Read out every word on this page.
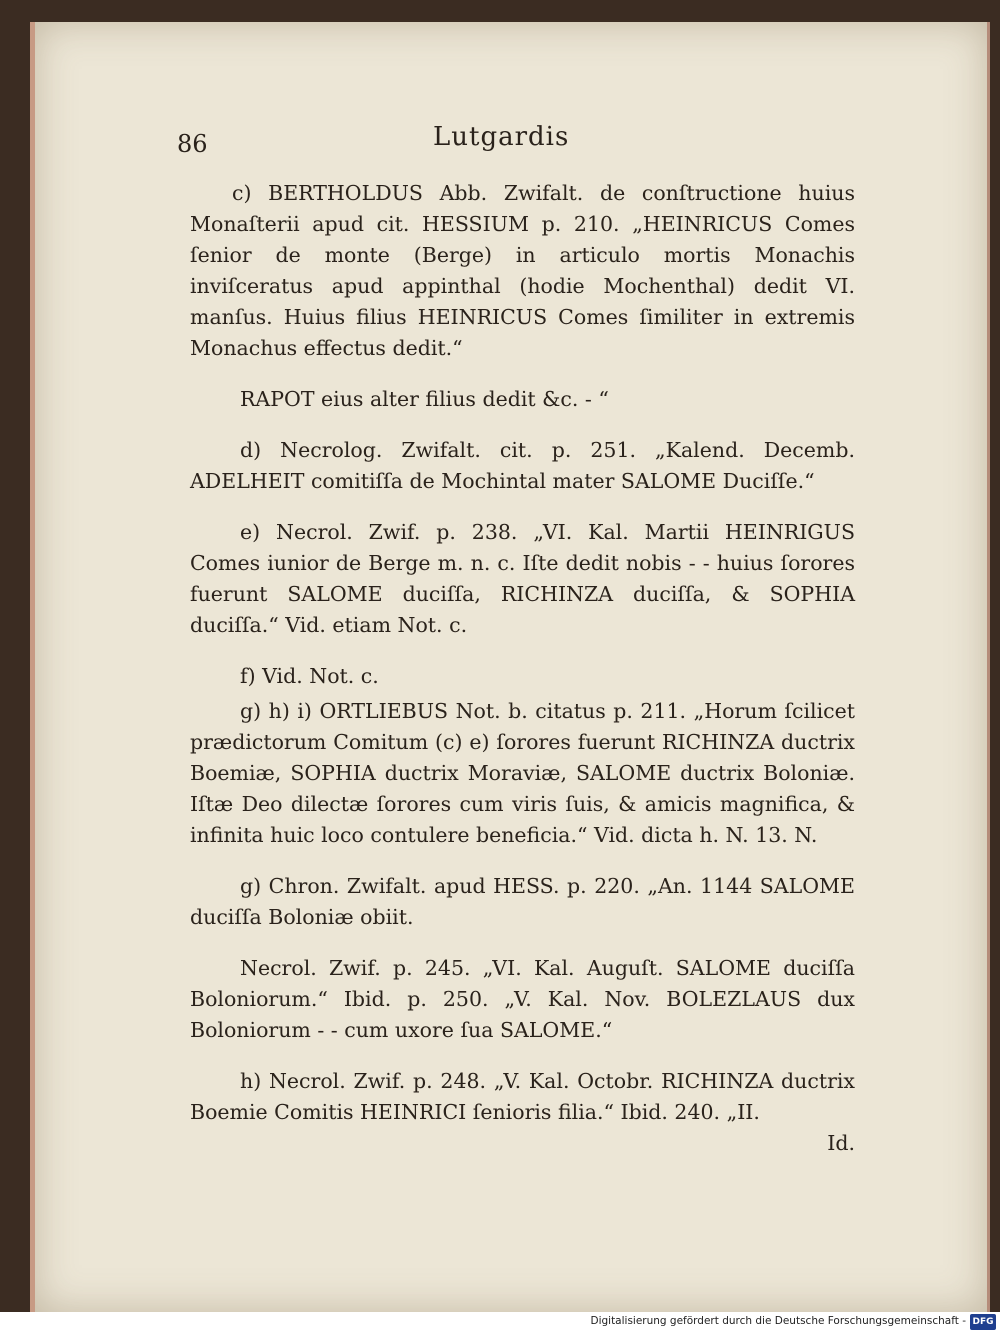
86	Lutgardis

c) BERTHOLDUS Abb. Zwifalt. de conſtructione huius Monaſterii apud cit. HESSIUM p. 210. „HEINRICUS Comes ſenior de monte (Berge) in articulo mortis Monachis inviſceratus apud appinthal (hodie Mochenthal) dedit VI. manſus. Huius filius HEINRICUS Comes ſimiliter in extremis Monachus effectus dedit.“

RAPOT eius alter filius dedit &c. - “

d) Necrolog. Zwifalt. cit. p. 251. „Kalend. Decemb. ADELHEIT comitiſſa de Mochintal mater SALOME Duciſſe.“

e) Necrol. Zwif. p. 238. „VI. Kal. Martii HEINRIGUS Comes iunior de Berge m. n. c. Iſte dedit nobis - - huius ſorores fuerunt SALOME duciſſa, RICHINZA duciſſa, & SOPHIA duciſſa.“ Vid. etiam Not. c.

f) Vid. Not. c.

g) h) i) ORTLIEBUS Not. b. citatus p. 211. „Horum ſcilicet prædictorum Comitum (c) e) ſorores fuerunt RICHINZA ductrix Boemiæ, SOPHIA ductrix Moraviæ, SALOME ductrix Boloniæ. Iſtæ Deo dilectæ ſorores cum viris ſuis, & amicis magnifica, & infinita huic loco contulere beneficia.“ Vid. dicta h. N. 13. N.

g) Chron. Zwifalt. apud HESS. p. 220. „An. 1144 SALOME duciſſa Boloniæ obiit.

Necrol. Zwif. p. 245. „VI. Kal. Auguſt. SALOME duciſſa Boloniorum.“ Ibid. p. 250. „V. Kal. Nov. BOLEZLAUS dux Boloniorum - - cum uxore ſua SALOME.“

h) Necrol. Zwif. p. 248. „V. Kal. Octobr. RICHINZA ductrix Boemie Comitis HEINRICI ſenioris filia.“ Ibid. 240. „II.

Id.
Digitalisierung gefördert durch die Deutsche Forschungsgemeinschaft - DFG
